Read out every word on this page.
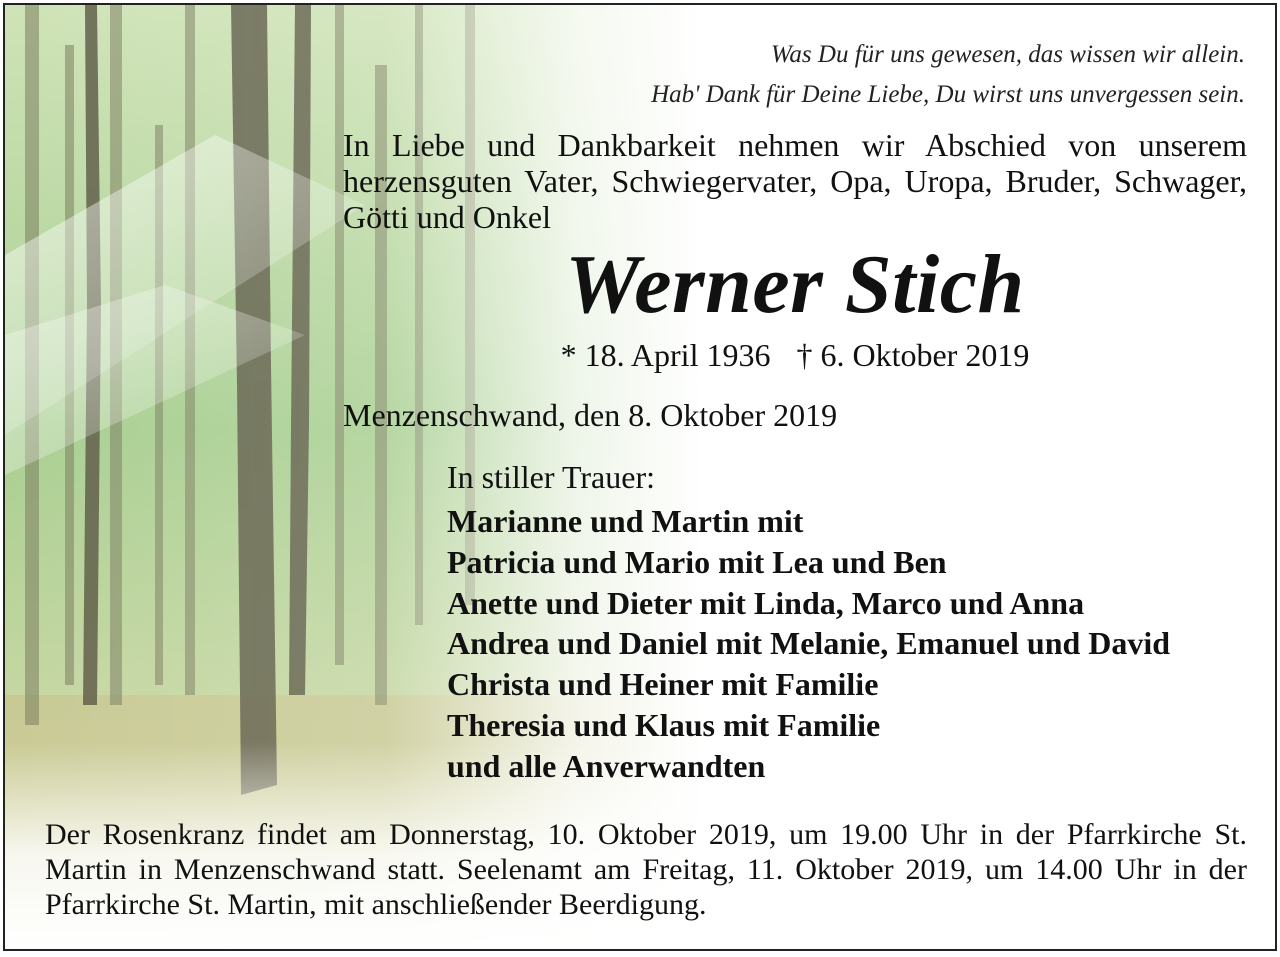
Was Du für uns gewesen, das wissen wir allein.
Hab' Dank für Deine Liebe, Du wirst uns unvergessen sein.
In Liebe und Dankbarkeit nehmen wir Abschied von unserem herzensguten Vater, Schwiegervater, Opa, Uropa, Bruder, Schwager, Götti und Onkel
Werner Stich
* 18. April 1936 † 6. Oktober 2019
Menzenschwand, den 8. Oktober 2019
In stiller Trauer:
Marianne und Martin mit
Patricia und Mario mit Lea und Ben
Anette und Dieter mit Linda, Marco und Anna
Andrea und Daniel mit Melanie, Emanuel und David
Christa und Heiner mit Familie
Theresia und Klaus mit Familie
und alle Anverwandten
Der Rosenkranz findet am Donnerstag, 10. Oktober 2019, um 19.00 Uhr in der Pfarrkirche St. Martin in Menzenschwand statt. Seelenamt am Freitag, 11. Oktober 2019, um 14.00 Uhr in der Pfarrkirche St. Martin, mit anschließender Beerdigung.
